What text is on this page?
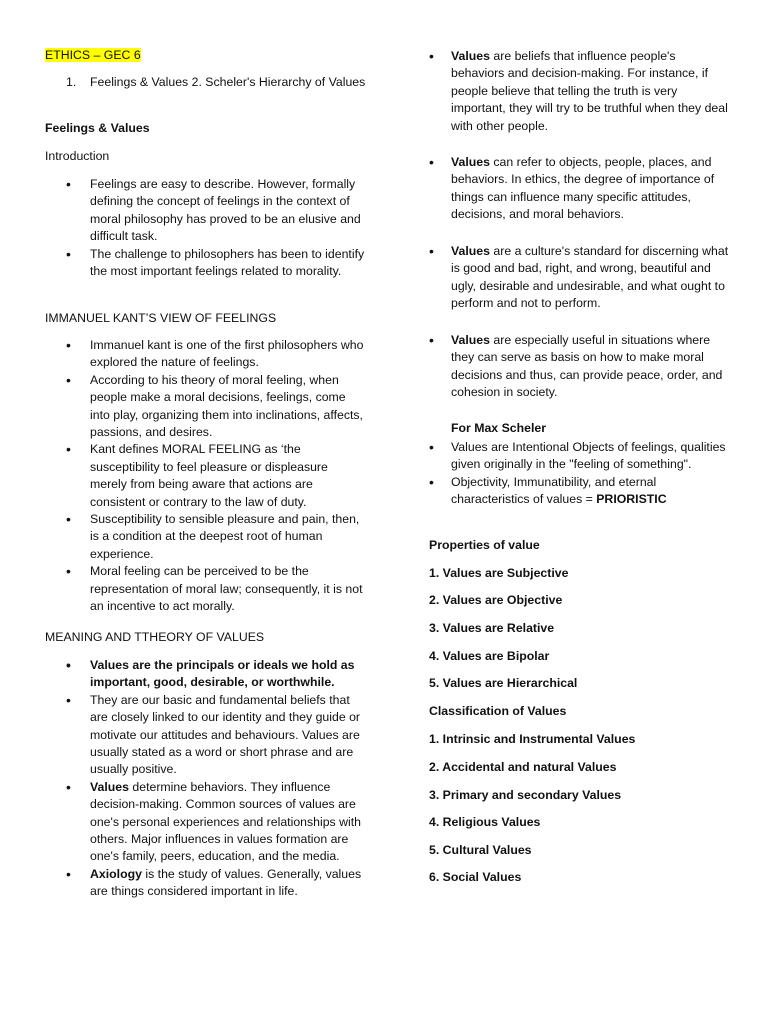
ETHICS – GEC 6

1. Feelings & Values 2. Scheler's Hierarchy of Values

Feelings & Values

Introduction

• Feelings are easy to describe. However, formally defining the concept of feelings in the context of moral philosophy has proved to be an elusive and difficult task.
• The challenge to philosophers has been to identify the most important feelings related to morality.

IMMANUEL KANT’S VIEW OF FEELINGS

• Immanuel kant is one of the first philosophers who explored the nature of feelings.
• According to his theory of moral feeling, when people make a moral decisions, feelings, come into play, organizing them into inclinations, affects, passions, and desires.
• Kant defines MORAL FEELING as ‘the susceptibility to feel pleasure or displeasure merely from being aware that actions are consistent or contrary to the law of duty.
• Susceptibility to sensible pleasure and pain, then, is a condition at the deepest root of human experience.
• Moral feeling can be perceived to be the representation of moral law; consequently, it is not an incentive to act morally.

MEANING AND TTHEORY OF VALUES

• Values are the principals or ideals we hold as important, good, desirable, or worthwhile.
• They are our basic and fundamental beliefs that are closely linked to our identity and they guide or motivate our attitudes and behaviours. Values are usually stated as a word or short phrase and are usually positive.
• Values determine behaviors. They influence decision-making. Common sources of values are one's personal experiences and relationships with others. Major influences in values formation are one's family, peers, education, and the media.
• Axiology is the study of values. Generally, values are things considered important in life.
• Values are beliefs that influence people's behaviors and decision-making. For instance, if people believe that telling the truth is very important, they will try to be truthful when they deal with other people.
• Values can refer to objects, people, places, and behaviors. In ethics, the degree of importance of things can influence many specific attitudes, decisions, and moral behaviors.
• Values are a culture's standard for discerning what is good and bad, right, and wrong, beautiful and ugly, desirable and undesirable, and what ought to perform and not to perform.
• Values are especially useful in situations where they can serve as basis on how to make moral decisions and thus, can provide peace, order, and cohesion in society.

For Max Scheler

• Values are Intentional Objects of feelings, qualities given originally in the "feeling of something".
• Objectivity, Immunatibility, and eternal characteristics of values = PRIORISTIC

Properties of value

1. Values are Subjective

2. Values are Objective

3. Values are Relative

4. Values are Bipolar

5. Values are Hierarchical

Classification of Values

1. Intrinsic and Instrumental Values

2. Accidental and natural Values

3. Primary and secondary Values

4. Religious Values

5. Cultural Values

6. Social Values
